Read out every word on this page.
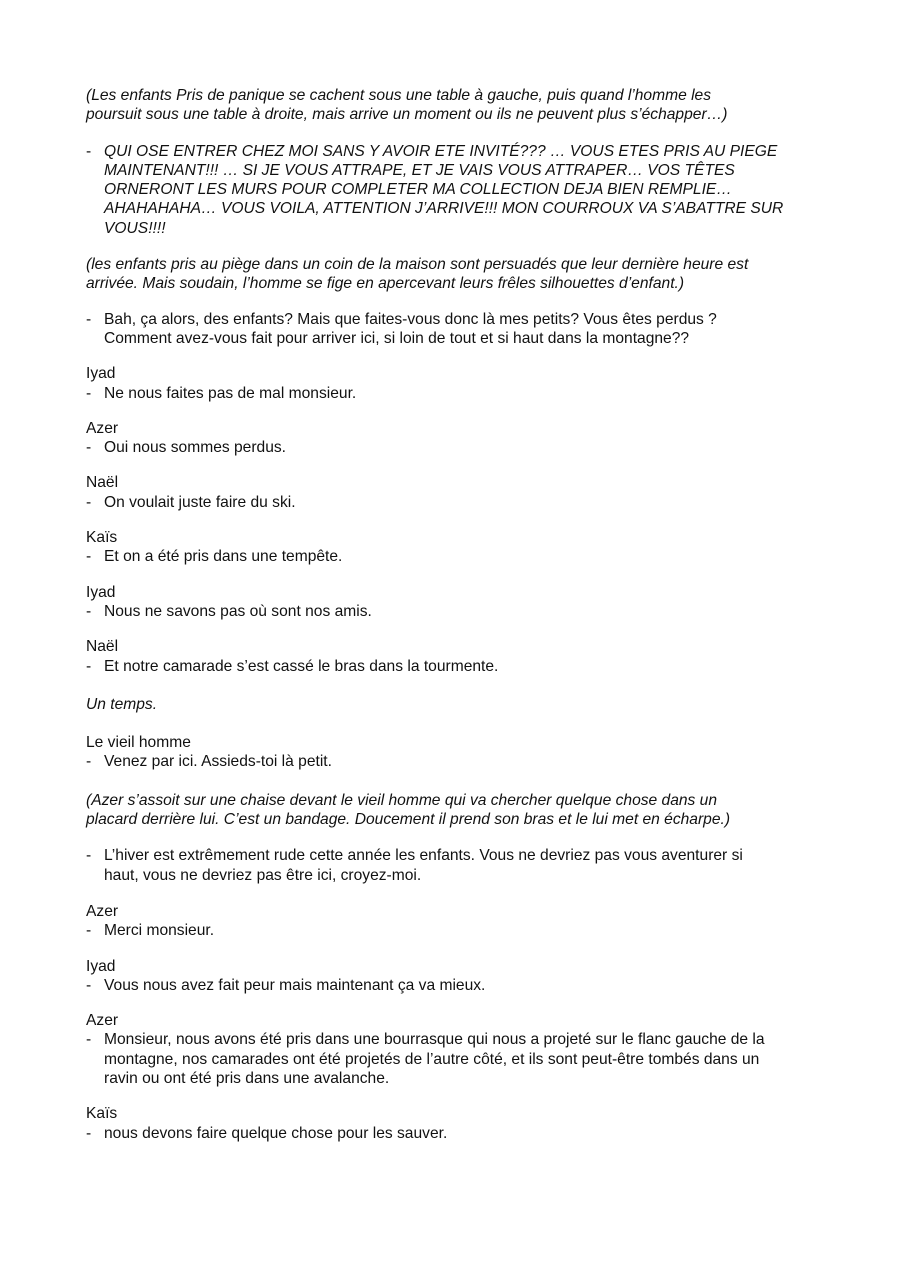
(Les enfants Pris de panique se cachent sous une table à gauche, puis quand l’homme les
poursuit sous une table à droite, mais arrive un moment ou ils ne peuvent plus s’échapper…)

- QUI OSE ENTRER CHEZ MOI SANS Y AVOIR ETE INVITÉ??? … VOUS ETES PRIS AU PIEGE
MAINTENANT!!! … SI JE VOUS ATTRAPE, ET JE VAIS VOUS ATTRAPER… VOS TÊTES
ORNERONT LES MURS POUR COMPLETER MA COLLECTION DEJA BIEN REMPLIE…
AHAHAHAHA… VOUS VOILA, ATTENTION J’ARRIVE!!! MON COURROUX VA S’ABATTRE SUR
VOUS!!!!

(les enfants pris au piège dans un coin de la maison sont persuadés que leur dernière heure est
arrivée. Mais soudain, l’homme se fige en apercevant leurs frêles silhouettes d’enfant.)

- Bah, ça alors, des enfants? Mais que faites-vous donc là mes petits? Vous êtes perdus ?
Comment avez-vous fait pour arriver ici, si loin de tout et si haut dans la montagne??

Iyad

- Ne nous faites pas de mal monsieur.

Azer

- Oui nous sommes perdus.

Naël

- On voulait juste faire du ski.

Kaïs

- Et on a été pris dans une tempête.

Iyad

- Nous ne savons pas où sont nos amis.

Naël

- Et notre camarade s’est cassé le bras dans la tourmente.

Un temps.

Le vieil homme

- Venez par ici. Assieds-toi là petit.

(Azer s’assoit sur une chaise devant le vieil homme qui va chercher quelque chose dans un
placard derrière lui. C’est un bandage. Doucement il prend son bras et le lui met en écharpe.)

- L’hiver est extrêmement rude cette année les enfants. Vous ne devriez pas vous aventurer si
haut, vous ne devriez pas être ici, croyez-moi.

Azer

- Merci monsieur.

Iyad

- Vous nous avez fait peur mais maintenant ça va mieux.

Azer

- Monsieur, nous avons été pris dans une bourrasque qui nous a projeté sur le flanc gauche de la
montagne, nos camarades ont été projetés de l’autre côté, et ils sont peut-être tombés dans un
ravin ou ont été pris dans une avalanche.

Kaïs

- nous devons faire quelque chose pour les sauver.
